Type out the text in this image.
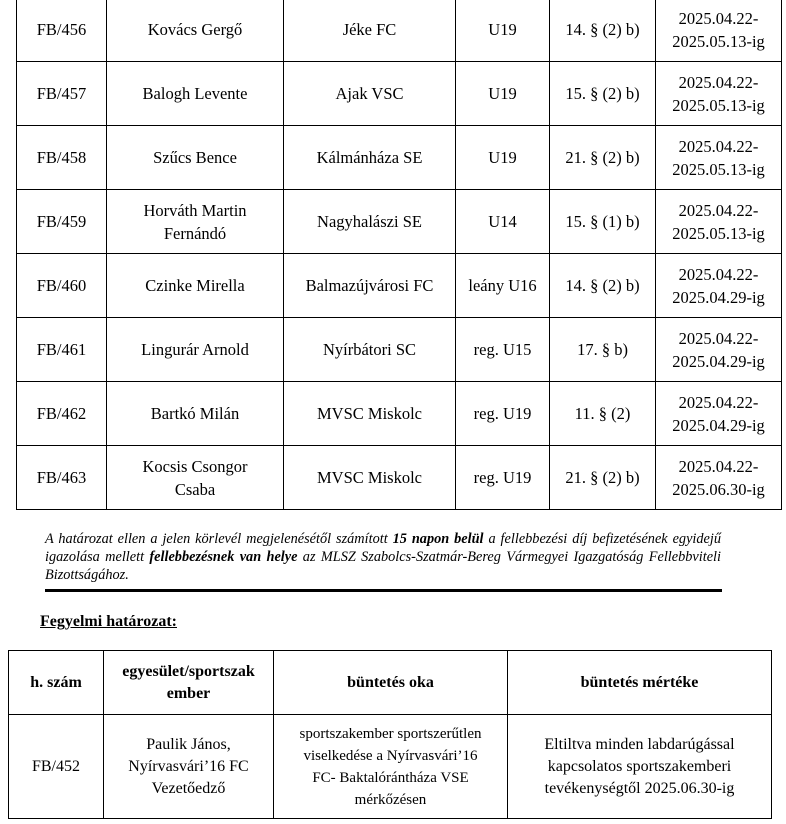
FB/456	Kovács Gergő	Jéke FC	U19	14. § (2) b)	2025.04.22-
2025.05.13-ig
FB/457	Balogh Levente	Ajak VSC	U19	15. § (2) b)	2025.04.22-
2025.05.13-ig
FB/458	Szűcs Bence	Kálmánháza SE	U19	21. § (2) b)	2025.04.22-
2025.05.13-ig
FB/459	Horváth Martin
Fernándó	Nagyhalászi SE	U14	15. § (1) b)	2025.04.22-
2025.05.13-ig
FB/460	Czinke Mirella	Balmazújvárosi FC	leány U16	14. § (2) b)	2025.04.22-
2025.04.29-ig
FB/461	Lingurár Arnold	Nyírbátori SC	reg. U15	17. § b)	2025.04.22-
2025.04.29-ig
FB/462	Bartkó Milán	MVSC Miskolc	reg. U19	11. § (2)	2025.04.22-
2025.04.29-ig
FB/463	Kocsis Csongor
Csaba	MVSC Miskolc	reg. U19	21. § (2) b)	2025.04.22-
2025.06.30-ig
A határozat ellen a jelen körlevél megjelenésétől számított 15 napon belül a fellebbezési díj befizetésének egyidejű igazolása mellett fellebbezésnek van helye az MLSZ Szabolcs-Szatmár-Bereg Vármegyei Igazgatóság Fellebbviteli Bizottságához.
Fegyelmi határozat:
h. szám	egyesület/sportszak
ember	büntetés oka	büntetés mértéke
FB/452	Paulik János,
Nyírvasvári’16 FC
Vezetőedző	sportszakember sportszerűtlen
viselkedése a Nyírvasvári’16
FC- Baktalórántháza VSE
mérkőzésen	Eltiltva minden labdarúgással
kapcsolatos sportszakemberi
tevékenységtől 2025.06.30-ig
